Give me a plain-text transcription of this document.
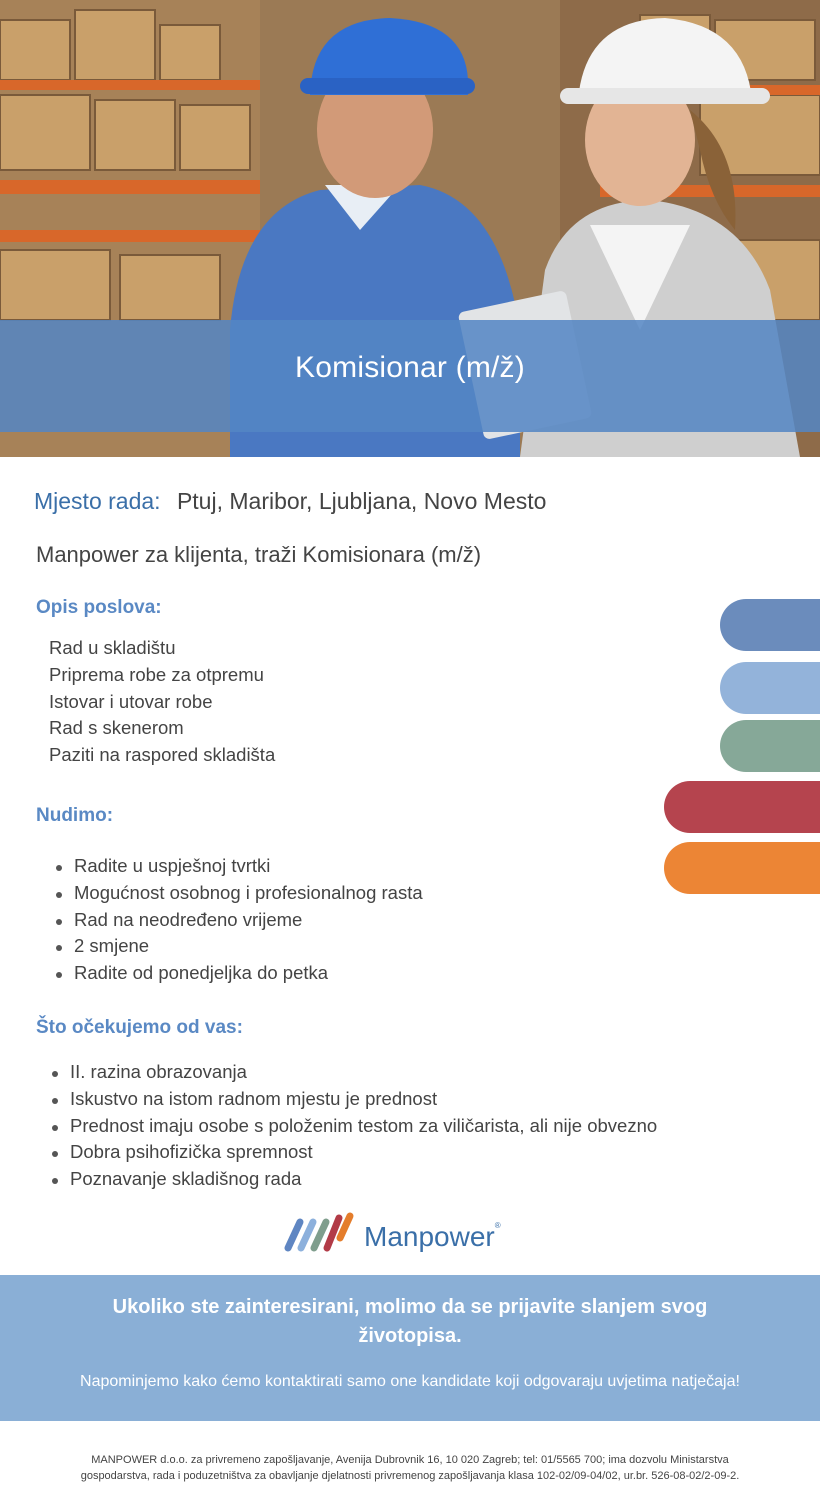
Komisionar (m/ž)
Mjesto rada: Ptuj, Maribor, Ljubljana, Novo Mesto
Manpower za klijenta, traži Komisionara (m/ž)
Opis poslova:
Rad u skladištu
Priprema robe za otpremu
Istovar i utovar robe
Rad s skenerom
Paziti na raspored skladišta
Nudimo:
Radite u uspješnoj tvrtki
Mogućnost osobnog i profesionalnog rasta
Rad na neodređeno vrijeme
2 smjene
Radite od ponedjeljka do petka
Što očekujemo od vas:
II. razina obrazovanja
Iskustvo na istom radnom mjestu je prednost
Prednost imaju osobe s položenim testom za viličarista, ali nije obvezno
Dobra psihofizička spremnost
Poznavanje skladišnog rada
Manpower®
Ukoliko ste zainteresirani, molimo da se prijavite slanjem svog životopisa.
Napominjemo kako ćemo kontaktirati samo one kandidate koji odgovaraju uvjetima natječaja!
MANPOWER d.o.o. za privremeno zapošljavanje, Avenija Dubrovnik 16, 10 020 Zagreb; tel: 01/5565 700; ima dozvolu Ministarstva
gospodarstva, rada i poduzetništva za obavljanje djelatnosti privremenog zapošljavanja klasa 102-02/09-04/02, ur.br. 526-08-02/2-09-2.
